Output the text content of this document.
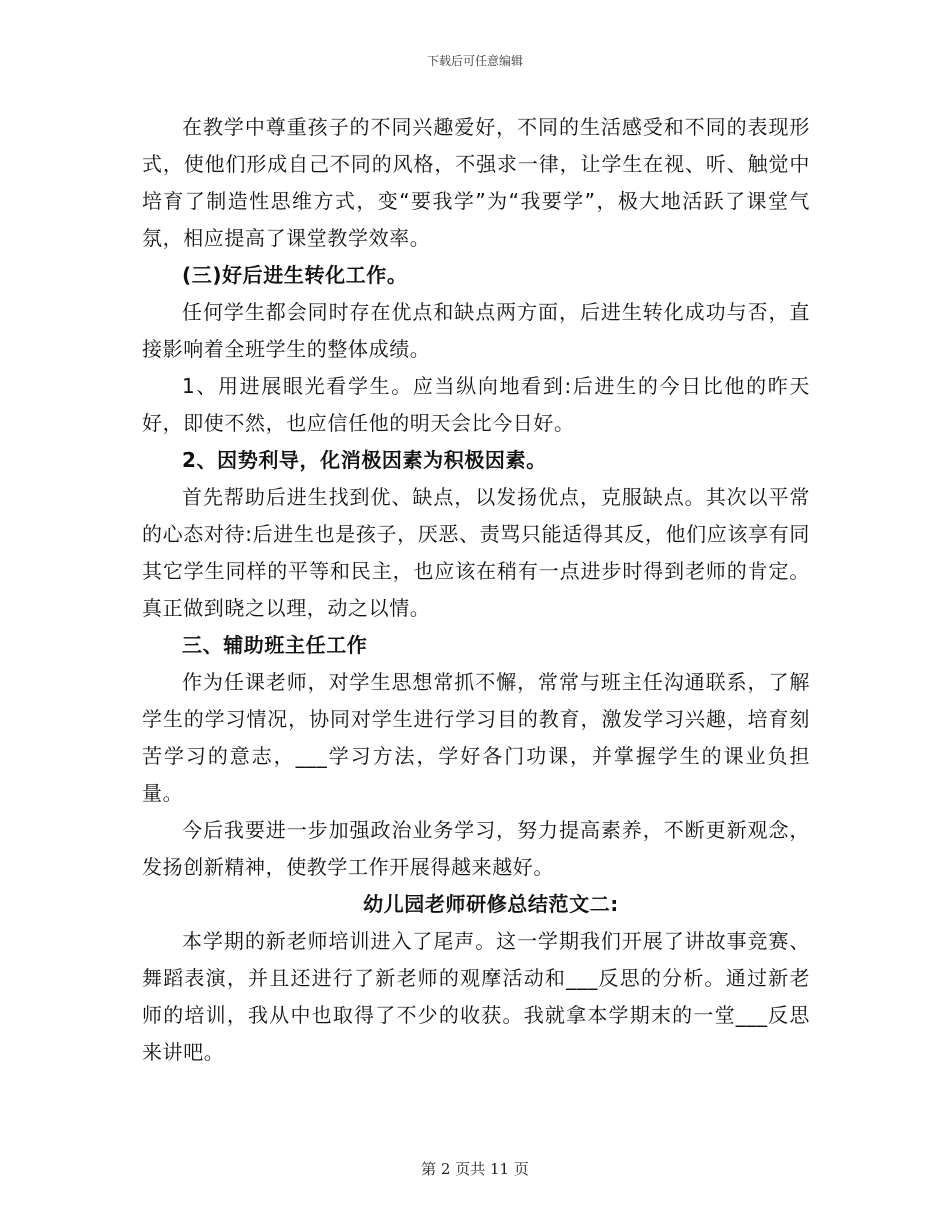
下载后可任意编辑

在教学中尊重孩子的不同兴趣爱好，不同的生活感受和不同的表现形式，使他们形成自己不同的风格，不强求一律，让学生在视、听、触觉中培育了制造性思维方式，变“要我学”为“我要学”，极大地活跃了课堂气氛，相应提高了课堂教学效率。

(三)好后进生转化工作。

任何学生都会同时存在优点和缺点两方面，后进生转化成功与否，直接影响着全班学生的整体成绩。

1、用进展眼光看学生。应当纵向地看到:后进生的今日比他的昨天好，即使不然，也应信任他的明天会比今日好。

2、因势利导，化消极因素为积极因素。

首先帮助后进生找到优、缺点，以发扬优点，克服缺点。其次以平常的心态对待:后进生也是孩子，厌恶、责骂只能适得其反，他们应该享有同其它学生同样的平等和民主，也应该在稍有一点进步时得到老师的肯定。真正做到晓之以理，动之以情。

三、辅助班主任工作

作为任课老师，对学生思想常抓不懈，常常与班主任沟通联系，了解学生的学习情况，协同对学生进行学习目的教育，激发学习兴趣，培育刻苦学习的意志，___学习方法，学好各门功课，并掌握学生的课业负担量。

今后我要进一步加强政治业务学习，努力提高素养，不断更新观念，发扬创新精神，使教学工作开展得越来越好。

幼儿园老师研修总结范文二:

本学期的新老师培训进入了尾声。这一学期我们开展了讲故事竞赛、舞蹈表演，并且还进行了新老师的观摩活动和___反思的分析。通过新老师的培训，我从中也取得了不少的收获。我就拿本学期末的一堂___反思来讲吧。

第 2 页共 11 页
